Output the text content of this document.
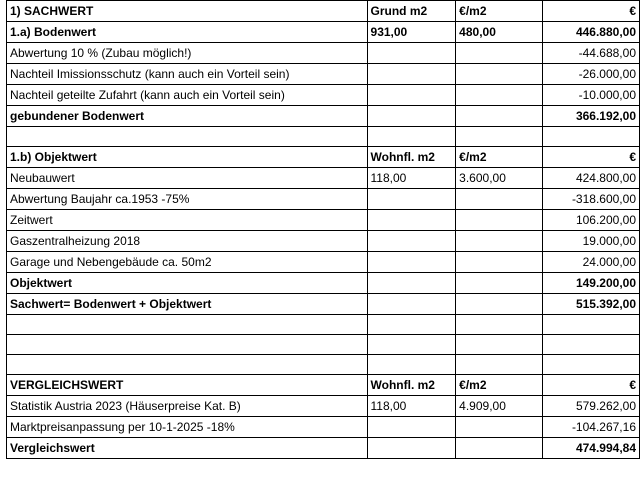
1) SACHWERT	Grund m2	€/m2	€
1.a) Bodenwert	931,00	480,00	446.880,00
Abwertung 10 % (Zubau möglich!)			-44.688,00
Nachteil Imissionsschutz (kann auch ein Vorteil sein)			-26.000,00
Nachteil geteilte Zufahrt (kann auch ein Vorteil sein)			-10.000,00
gebundener Bodenwert			366.192,00

1.b) Objektwert	Wohnfl. m2	€/m2	€
Neubauwert	118,00	3.600,00	424.800,00
Abwertung Baujahr ca.1953 -75%			-318.600,00
Zeitwert			106.200,00
Gaszentralheizung 2018			19.000,00
Garage und Nebengebäude ca. 50m2			24.000,00
Objektwert			149.200,00
Sachwert= Bodenwert + Objektwert			515.392,00

VERGLEICHSWERT	Wohnfl. m2	€/m2	€
Statistik Austria 2023 (Häuserpreise Kat. B)	118,00	4.909,00	579.262,00
Marktpreisanpassung per 10-1-2025 -18%			-104.267,16
Vergleichswert			474.994,84
